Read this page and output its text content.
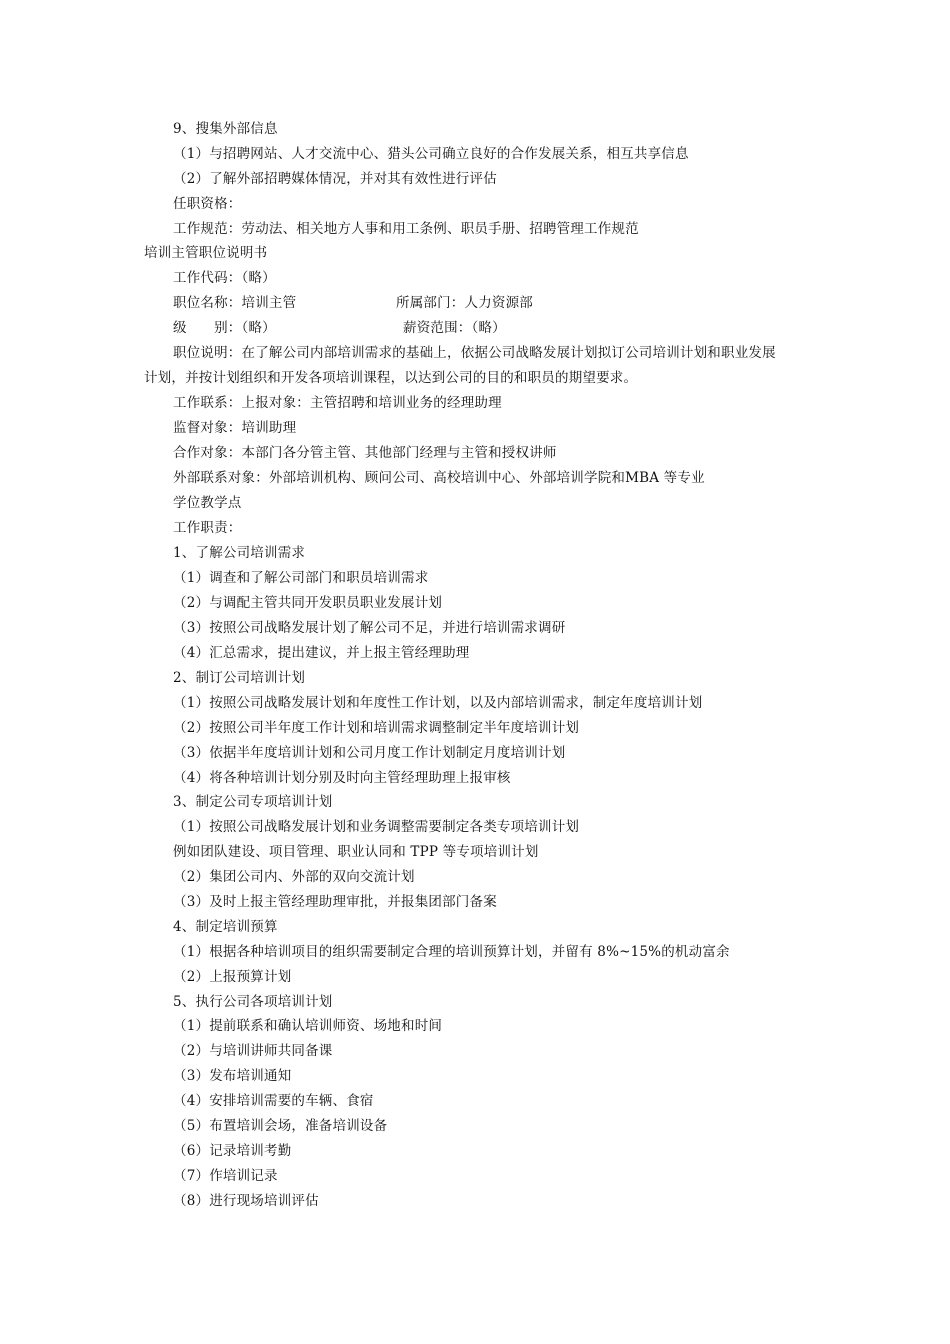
9、搜集外部信息
（1）与招聘网站、人才交流中心、猎头公司确立良好的合作发展关系，相互共享信息
（2）了解外部招聘媒体情况，并对其有效性进行评估
任职资格：
工作规范：劳动法、相关地方人事和用工条例、职员手册、招聘管理工作规范
培训主管职位说明书
工作代码：（略）
职位名称：培训主管	所属部门：人力资源部
级　　别：（略）	薪资范围：（略）
职位说明：在了解公司内部培训需求的基础上，依据公司战略发展计划拟订公司培训计划和职业发展
计划，并按计划组织和开发各项培训课程，以达到公司的目的和职员的期望要求。
工作联系：上报对象：主管招聘和培训业务的经理助理
监督对象：培训助理
合作对象：本部门各分管主管、其他部门经理与主管和授权讲师
外部联系对象：外部培训机构、顾问公司、高校培训中心、外部培训学院和MBA 等专业
学位教学点
工作职责：
1、了解公司培训需求
（1）调查和了解公司部门和职员培训需求
（2）与调配主管共同开发职员职业发展计划
（3）按照公司战略发展计划了解公司不足，并进行培训需求调研
（4）汇总需求，提出建议，并上报主管经理助理
2、制订公司培训计划
（1）按照公司战略发展计划和年度性工作计划，以及内部培训需求，制定年度培训计划
（2）按照公司半年度工作计划和培训需求调整制定半年度培训计划
（3）依据半年度培训计划和公司月度工作计划制定月度培训计划
（4）将各种培训计划分别及时向主管经理助理上报审核
3、制定公司专项培训计划
（1）按照公司战略发展计划和业务调整需要制定各类专项培训计划
例如团队建设、项目管理、职业认同和 TPP 等专项培训计划
（2）集团公司内、外部的双向交流计划
（3）及时上报主管经理助理审批，并报集团部门备案
4、制定培训预算
（1）根据各种培训项目的组织需要制定合理的培训预算计划，并留有 8%~15%的机动富余
（2）上报预算计划
5、执行公司各项培训计划
（1）提前联系和确认培训师资、场地和时间
（2）与培训讲师共同备课
（3）发布培训通知
（4）安排培训需要的车辆、食宿
（5）布置培训会场，准备培训设备
（6）记录培训考勤
（7）作培训记录
（8）进行现场培训评估
